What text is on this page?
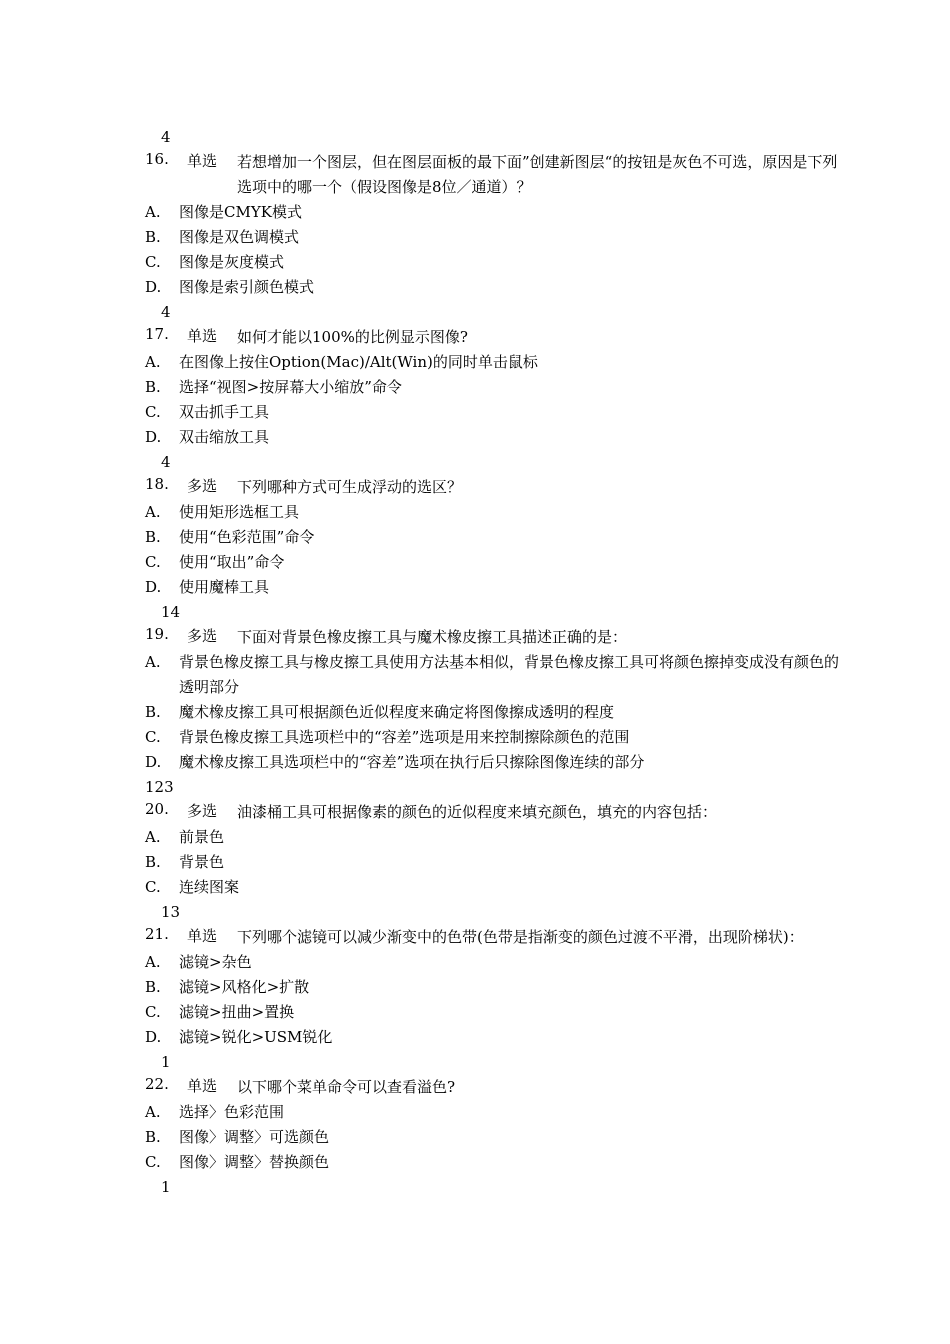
4
16.	单选	若想增加一个图层，但在图层面板的最下面”创建新图层“的按钮是灰色不可选，原因是下列选项中的哪一个（假设图像是8位／通道）？
A.	图像是CMYK模式
B.	图像是双色调模式
C.	图像是灰度模式
D.	图像是索引颜色模式
4
17.	单选	如何才能以100%的比例显示图像?
A.	在图像上按住Option(Mac)/Alt(Win)的同时单击鼠标
B.	选择“视图>按屏幕大小缩放”命令
C.	双击抓手工具
D.	双击缩放工具
4
18.	多选	下列哪种方式可生成浮动的选区？
A.	使用矩形选框工具
B.	使用“色彩范围”命令
C.	使用“取出”命令
D.	使用魔棒工具
14
19.	多选	下面对背景色橡皮擦工具与魔术橡皮擦工具描述正确的是：
A.	背景色橡皮擦工具与橡皮擦工具使用方法基本相似，背景色橡皮擦工具可将颜色擦掉变成没有颜色的透明部分
B.	魔术橡皮擦工具可根据颜色近似程度来确定将图像擦成透明的程度
C.	背景色橡皮擦工具选项栏中的“容差”选项是用来控制擦除颜色的范围
D.	魔术橡皮擦工具选项栏中的“容差”选项在执行后只擦除图像连续的部分
123
20.	多选	油漆桶工具可根据像素的颜色的近似程度来填充颜色，填充的内容包括：
A.	前景色
B.	背景色
C.	连续图案
13
21.	单选	下列哪个滤镜可以减少渐变中的色带(色带是指渐变的颜色过渡不平滑，出现阶梯状)：
A.	滤镜>杂色
B.	滤镜>风格化>扩散
C.	滤镜>扭曲>置换
D.	滤镜>锐化>USM锐化
1
22.	单选	以下哪个菜单命令可以查看溢色?
A.	选择〉色彩范围
B.	图像〉调整〉可选颜色
C.	图像〉调整〉替换颜色
1
